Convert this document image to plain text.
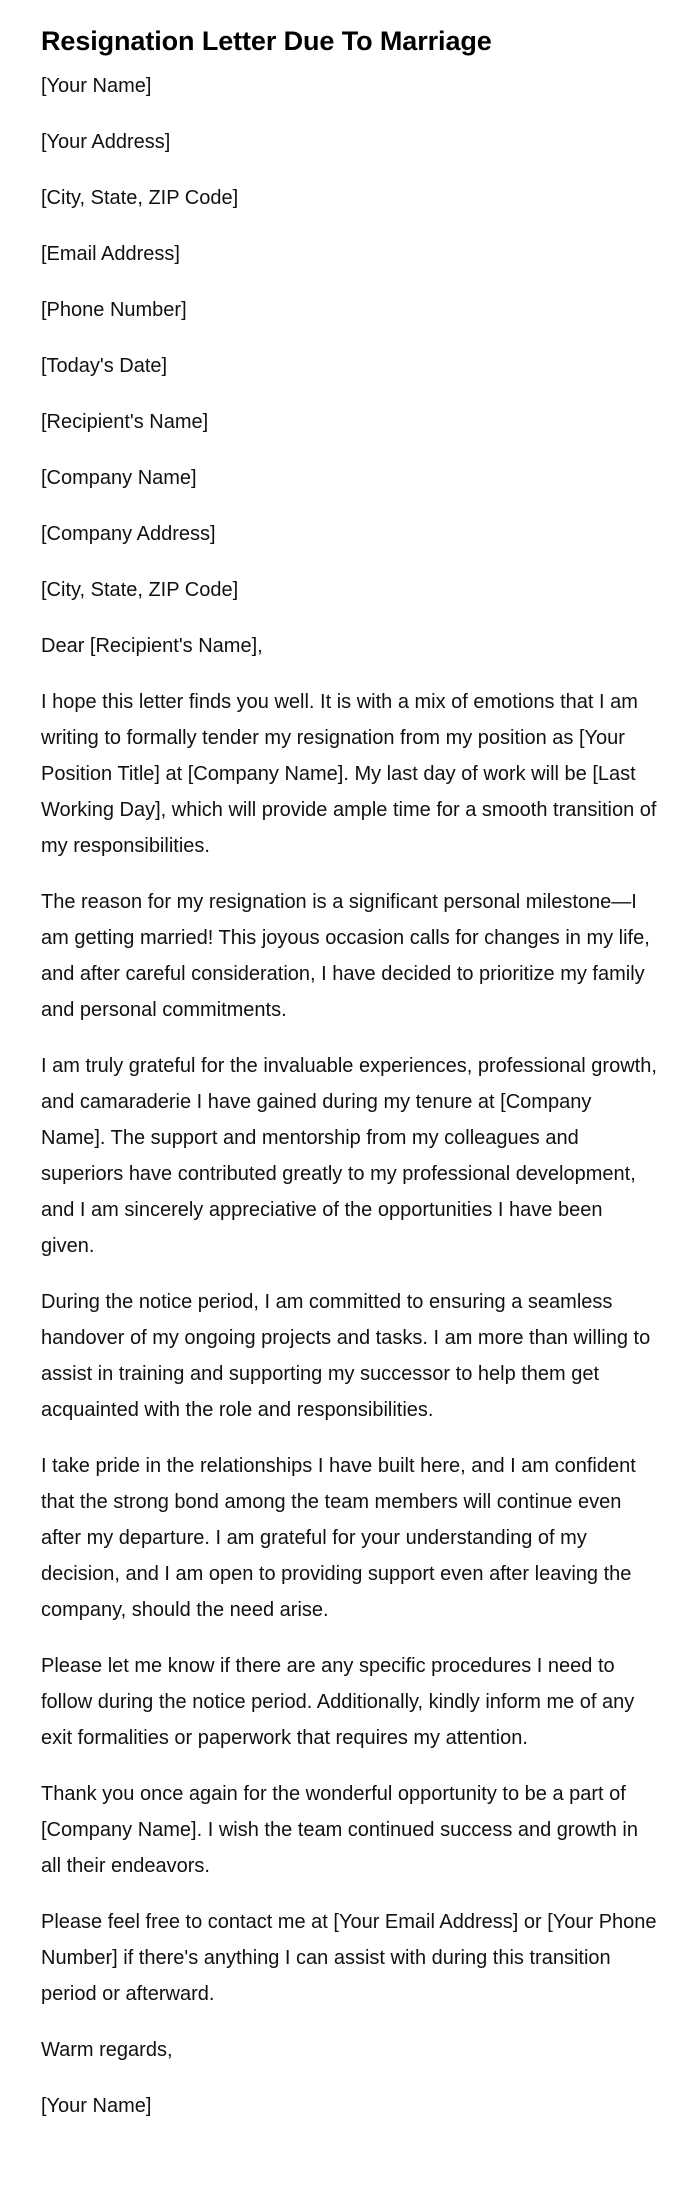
Resignation Letter Due To Marriage
[Your Name]
[Your Address]
[City, State, ZIP Code]
[Email Address]
[Phone Number]
[Today's Date]
[Recipient's Name]
[Company Name]
[Company Address]
[City, State, ZIP Code]
Dear [Recipient's Name],

I hope this letter finds you well. It is with a mix of emotions that I am writing to formally tender my resignation from my position as [Your Position Title] at [Company Name]. My last day of work will be [Last Working Day], which will provide ample time for a smooth transition of my responsibilities.

The reason for my resignation is a significant personal milestone—I am getting married! This joyous occasion calls for changes in my life, and after careful consideration, I have decided to prioritize my family and personal commitments.

I am truly grateful for the invaluable experiences, professional growth, and camaraderie I have gained during my tenure at [Company Name]. The support and mentorship from my colleagues and superiors have contributed greatly to my professional development, and I am sincerely appreciative of the opportunities I have been given.

During the notice period, I am committed to ensuring a seamless handover of my ongoing projects and tasks. I am more than willing to assist in training and supporting my successor to help them get acquainted with the role and responsibilities.

I take pride in the relationships I have built here, and I am confident that the strong bond among the team members will continue even after my departure. I am grateful for your understanding of my decision, and I am open to providing support even after leaving the company, should the need arise.

Please let me know if there are any specific procedures I need to follow during the notice period. Additionally, kindly inform me of any exit formalities or paperwork that requires my attention.

Thank you once again for the wonderful opportunity to be a part of [Company Name]. I wish the team continued success and growth in all their endeavors.

Please feel free to contact me at [Your Email Address] or [Your Phone Number] if there's anything I can assist with during this transition period or afterward.

Warm regards,
[Your Name]
